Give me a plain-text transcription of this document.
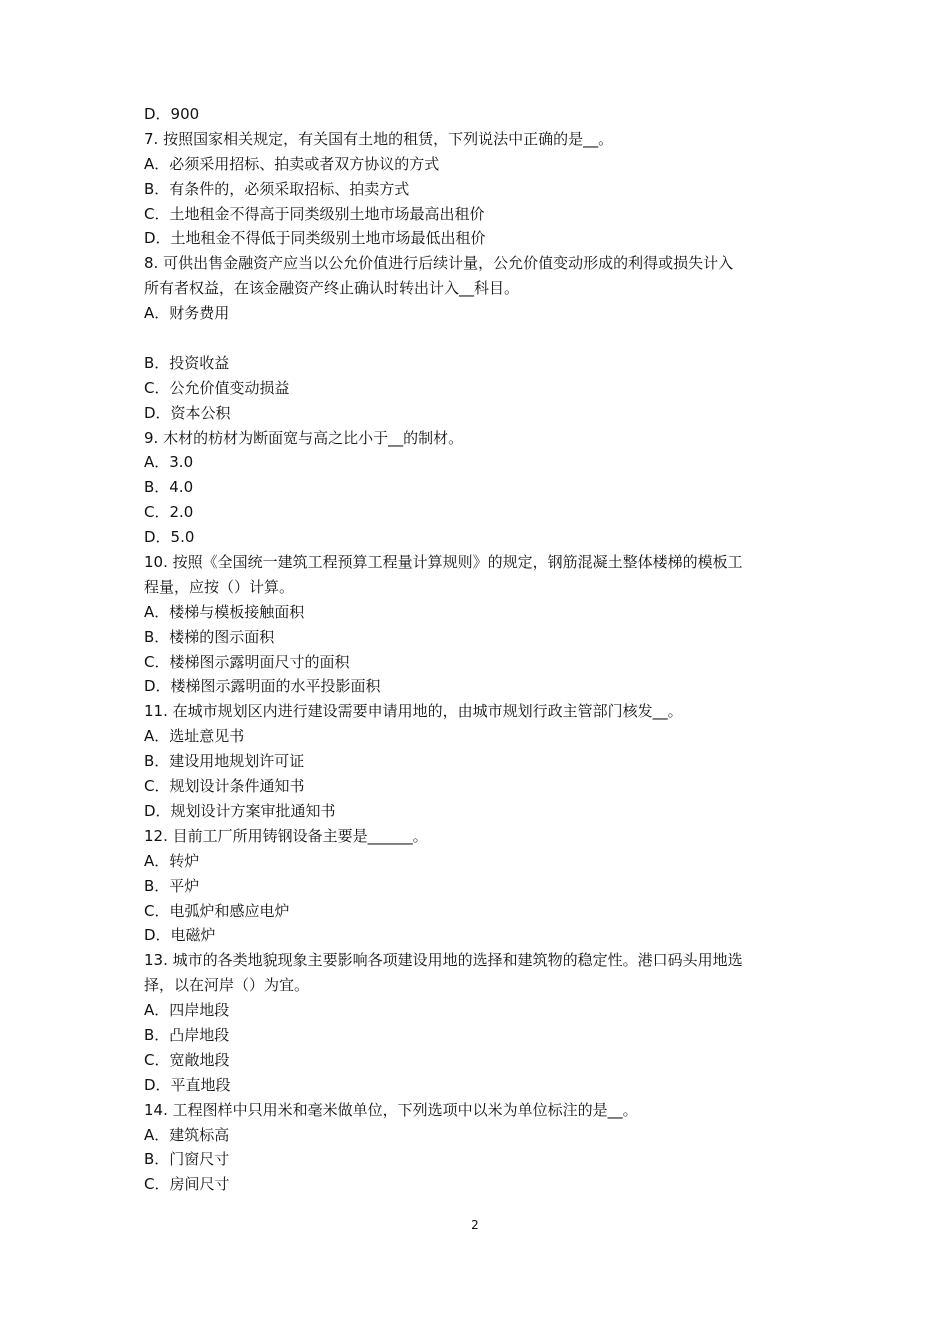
D．900
7. 按照国家相关规定，有关国有土地的租赁，下列说法中正确的是__。
A．必须采用招标、拍卖或者双方协议的方式
B．有条件的，必须采取招标、拍卖方式
C．土地租金不得高于同类级别土地市场最高出租价
D．土地租金不得低于同类级别土地市场最低出租价
8. 可供出售金融资产应当以公允价值进行后续计量，公允价值变动形成的利得或损失计入
所有者权益，在该金融资产终止确认时转出计入__科目。
A．财务费用
B．投资收益
C．公允价值变动损益
D．资本公积
9. 木材的枋材为断面宽与高之比小于__的制材。
A．3.0
B．4.0
C．2.0
D．5.0
10. 按照《全国统一建筑工程预算工程量计算规则》的规定，钢筋混凝土整体楼梯的模板工
程量，应按（）计算。
A．楼梯与模板接触面积
B．楼梯的图示面积
C．楼梯图示露明面尺寸的面积
D．楼梯图示露明面的水平投影面积
11. 在城市规划区内进行建设需要申请用地的，由城市规划行政主管部门核发__。
A．选址意见书
B．建设用地规划许可证
C．规划设计条件通知书
D．规划设计方案审批通知书
12. 目前工厂所用铸钢设备主要是______。
A．转炉
B．平炉
C．电弧炉和感应电炉
D．电磁炉
13. 城市的各类地貌现象主要影响各项建设用地的选择和建筑物的稳定性。港口码头用地选
择，以在河岸（）为宜。
A．四岸地段
B．凸岸地段
C．宽敞地段
D．平直地段
14. 工程图样中只用米和毫米做单位，下列选项中以米为单位标注的是__。
A．建筑标高
B．门窗尺寸
C．房间尺寸
2
